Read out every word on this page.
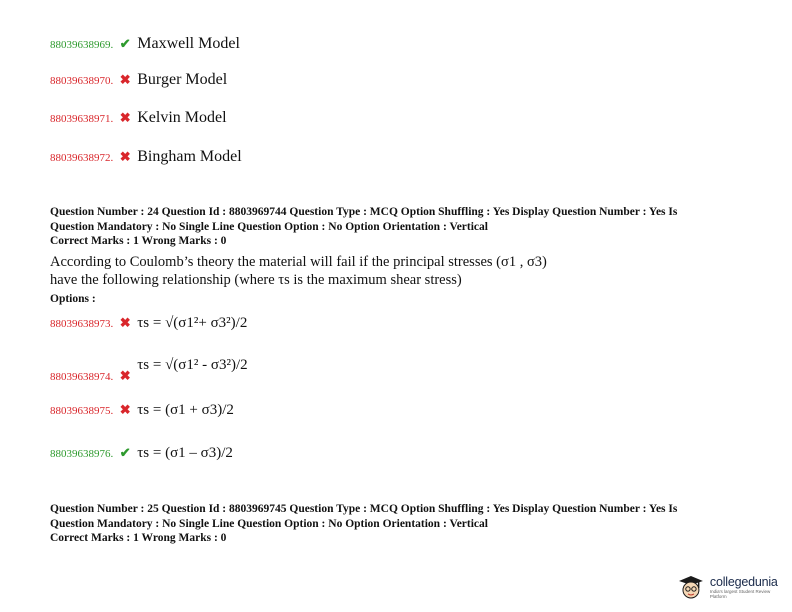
88039638969. ✔ Maxwell Model
88039638970. ✖ Burger Model
88039638971. ✖ Kelvin Model
88039638972. ✖ Bingham Model
Question Number : 24 Question Id : 8803969744 Question Type : MCQ Option Shuffling : Yes Display Question Number : Yes Is
Question Mandatory : No Single Line Question Option : No Option Orientation : Vertical
Correct Marks : 1 Wrong Marks : 0
According to Coulomb’s theory the material will fail if the principal stresses (σ1 , σ3)
have the following relationship (where τs is the maximum shear stress)
Options :
88039638973. ✖ τs = √(σ1²+ σ3²)/2
88039638974. ✖
τs = √(σ1² - σ3²)/2
88039638975. ✖ τs = (σ1 + σ3)/2
88039638976. ✔ τs = (σ1 – σ3)/2
Question Number : 25 Question Id : 8803969745 Question Type : MCQ Option Shuffling : Yes Display Question Number : Yes Is
Question Mandatory : No Single Line Question Option : No Option Orientation : Vertical
Correct Marks : 1 Wrong Marks : 0
collegedunia
India's largest Student Review Platform
